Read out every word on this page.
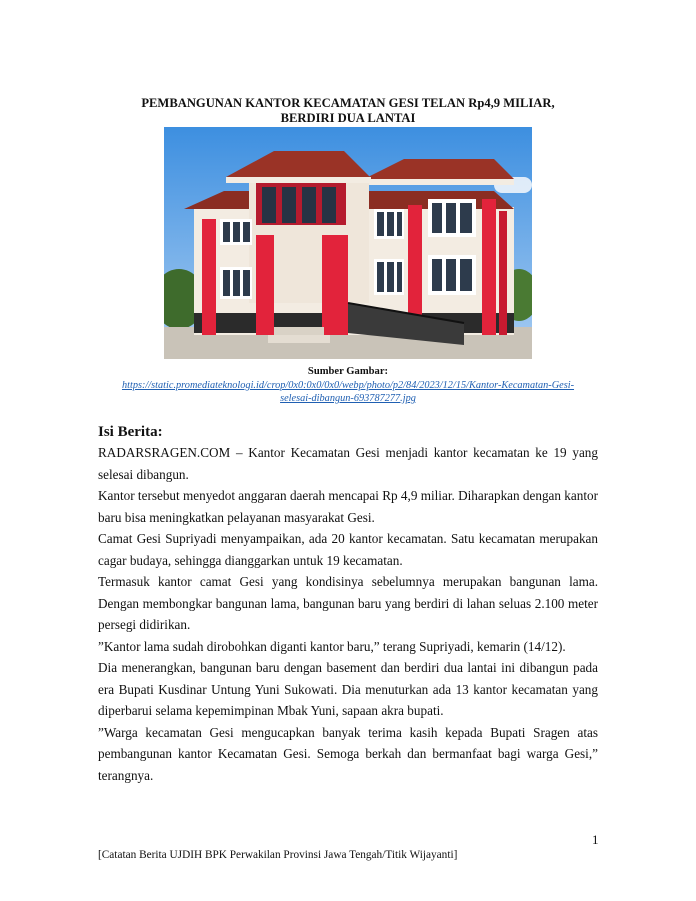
PEMBANGUNAN KANTOR KECAMATAN GESI TELAN Rp4,9 MILIAR,
BERDIRI DUA LANTAI
Sumber Gambar:
https://static.promediateknologi.id/crop/0x0:0x0/0x0/webp/photo/p2/84/2023/12/15/Kantor-Kecamatan-Gesi-
selesai-dibangun-693787277.jpg
Isi Berita:

RADARSRAGEN.COM – Kantor Kecamatan Gesi menjadi kantor kecamatan ke 19 yang selesai dibangun.

Kantor tersebut menyedot anggaran daerah mencapai Rp 4,9 miliar. Diharapkan dengan kantor baru bisa meningkatkan pelayanan masyarakat Gesi.

Camat Gesi Supriyadi menyampaikan, ada 20 kantor kecamatan. Satu kecamatan merupakan cagar budaya, sehingga dianggarkan untuk 19 kecamatan.

Termasuk kantor camat Gesi yang kondisinya sebelumnya merupakan bangunan lama. Dengan membongkar bangunan lama, bangunan baru yang berdiri di lahan seluas 2.100 meter persegi didirikan.

”Kantor lama sudah dirobohkan diganti kantor baru,” terang Supriyadi, kemarin (14/12).

Dia menerangkan, bangunan baru dengan basement dan berdiri dua lantai ini dibangun pada era Bupati Kusdinar Untung Yuni Sukowati. Dia menuturkan ada 13 kantor kecamatan yang diperbarui selama kepemimpinan Mbak Yuni, sapaan akra bupati.

”Warga kecamatan Gesi mengucapkan banyak terima kasih kepada Bupati Sragen atas pembangunan kantor Kecamatan Gesi. Semoga berkah dan bermanfaat bagi warga Gesi,” terangnya.

1
[Catatan Berita UJDIH BPK Perwakilan Provinsi Jawa Tengah/Titik Wijayanti]
